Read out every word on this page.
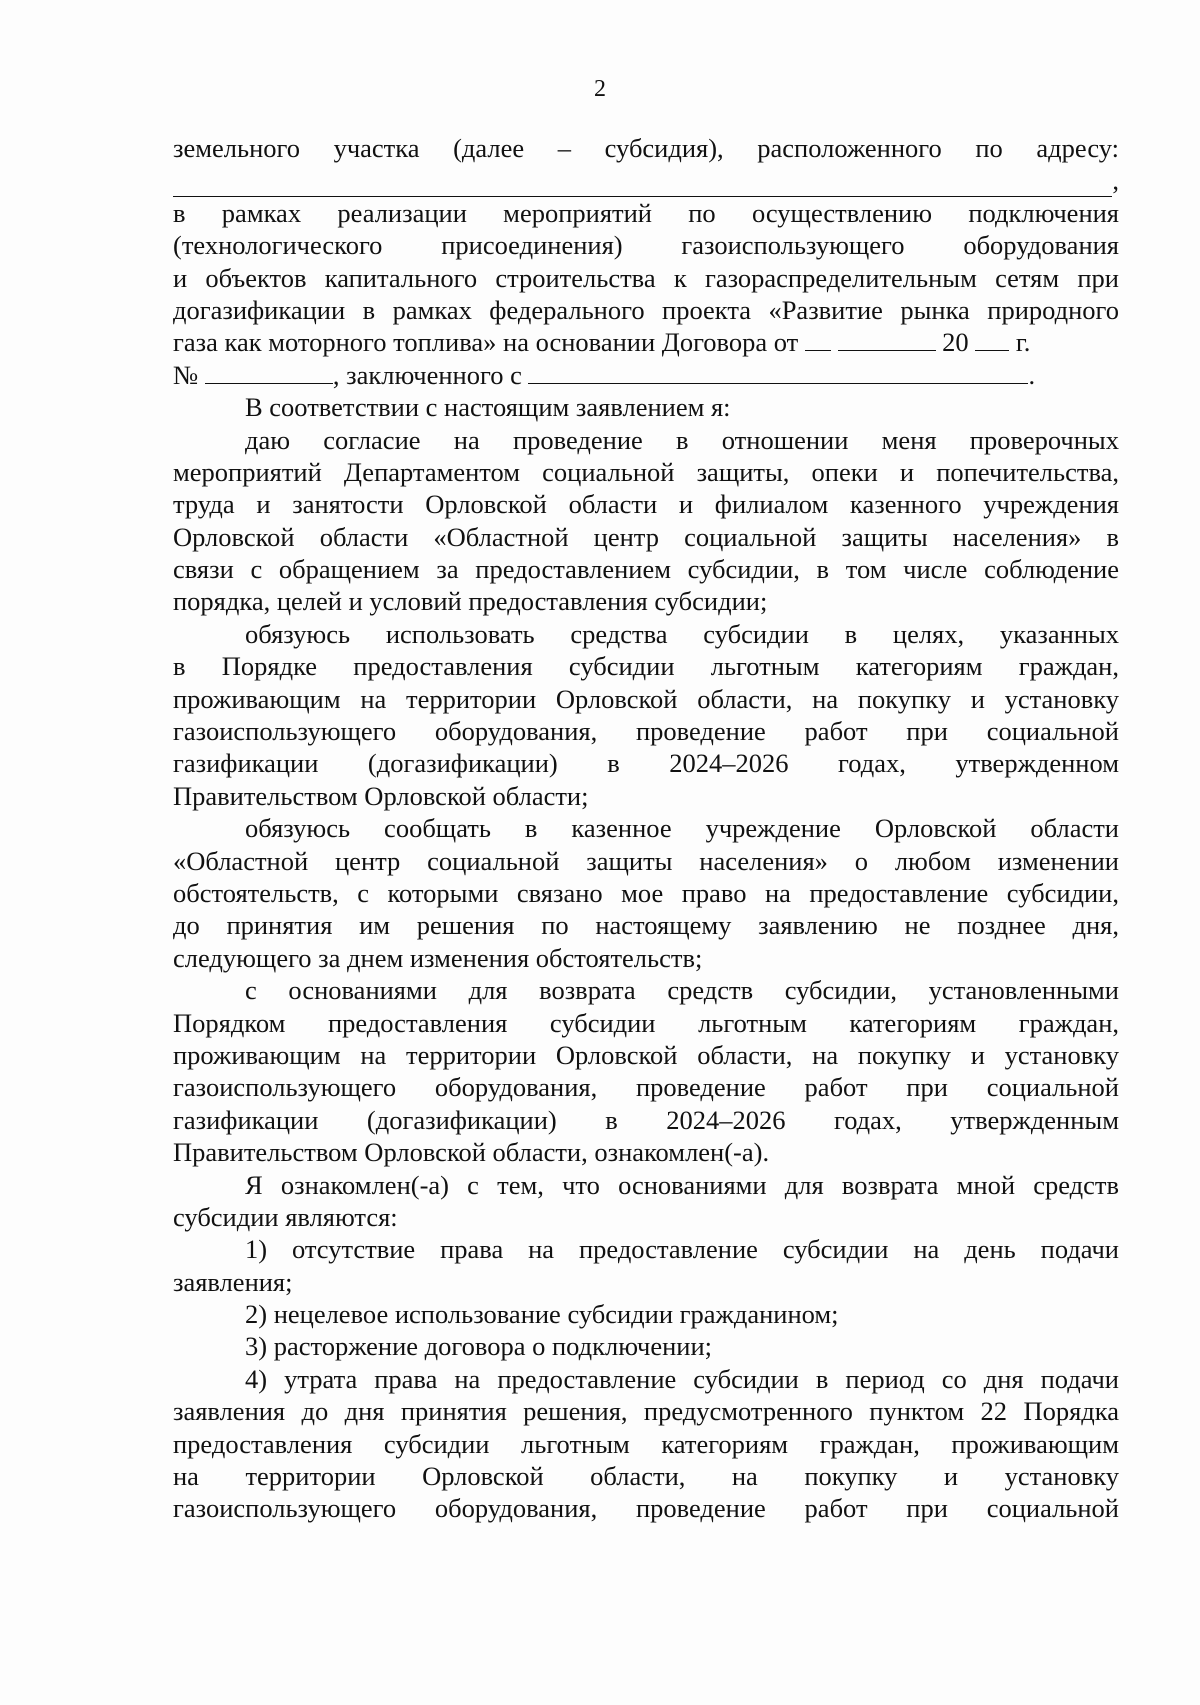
2
земельного участка (далее – субсидия), расположенного по адресу:
,
в рамках реализации мероприятий по осуществлению подключения
(технологического присоединения) газоиспользующего оборудования
и объектов капитального строительства к газораспределительным сетям при
догазификации в рамках федерального проекта «Развитие рынка природного
газа как моторного топлива» на основании Договора от	20 г.
№	, заключенного с	.
В соответствии с настоящим заявлением я:
даю согласие на проведение в отношении меня проверочных
мероприятий Департаментом социальной защиты, опеки и попечительства,
труда и занятости Орловской области и филиалом казенного учреждения
Орловской области «Областной центр социальной защиты населения» в
связи с обращением за предоставлением субсидии, в том числе соблюдение
порядка, целей и условий предоставления субсидии;
обязуюсь использовать средства субсидии в целях, указанных
в Порядке предоставления субсидии льготным категориям граждан,
проживающим на территории Орловской области, на покупку и установку
газоиспользующего оборудования, проведение работ при социальной
газификации (догазификации) в 2024–2026 годах, утвержденном
Правительством Орловской области;
обязуюсь сообщать в казенное учреждение Орловской области
«Областной центр социальной защиты населения» о любом изменении
обстоятельств, с которыми связано мое право на предоставление субсидии,
до принятия им решения по настоящему заявлению не позднее дня,
следующего за днем изменения обстоятельств;
с основаниями для возврата средств субсидии, установленными
Порядком предоставления субсидии льготным категориям граждан,
проживающим на территории Орловской области, на покупку и установку
газоиспользующего оборудования, проведение работ при социальной
газификации (догазификации) в 2024–2026 годах, утвержденным
Правительством Орловской области, ознакомлен(-а).
Я ознакомлен(-а) с тем, что основаниями для возврата мной средств
субсидии являются:
1) отсутствие права на предоставление субсидии на день подачи
заявления;
2) нецелевое использование субсидии гражданином;
3) расторжение договора о подключении;
4) утрата права на предоставление субсидии в период со дня подачи
заявления до дня принятия решения, предусмотренного пунктом 22 Порядка
предоставления субсидии льготным категориям граждан, проживающим
на территории Орловской области, на покупку и установку
газоиспользующего оборудования, проведение работ при социальной
